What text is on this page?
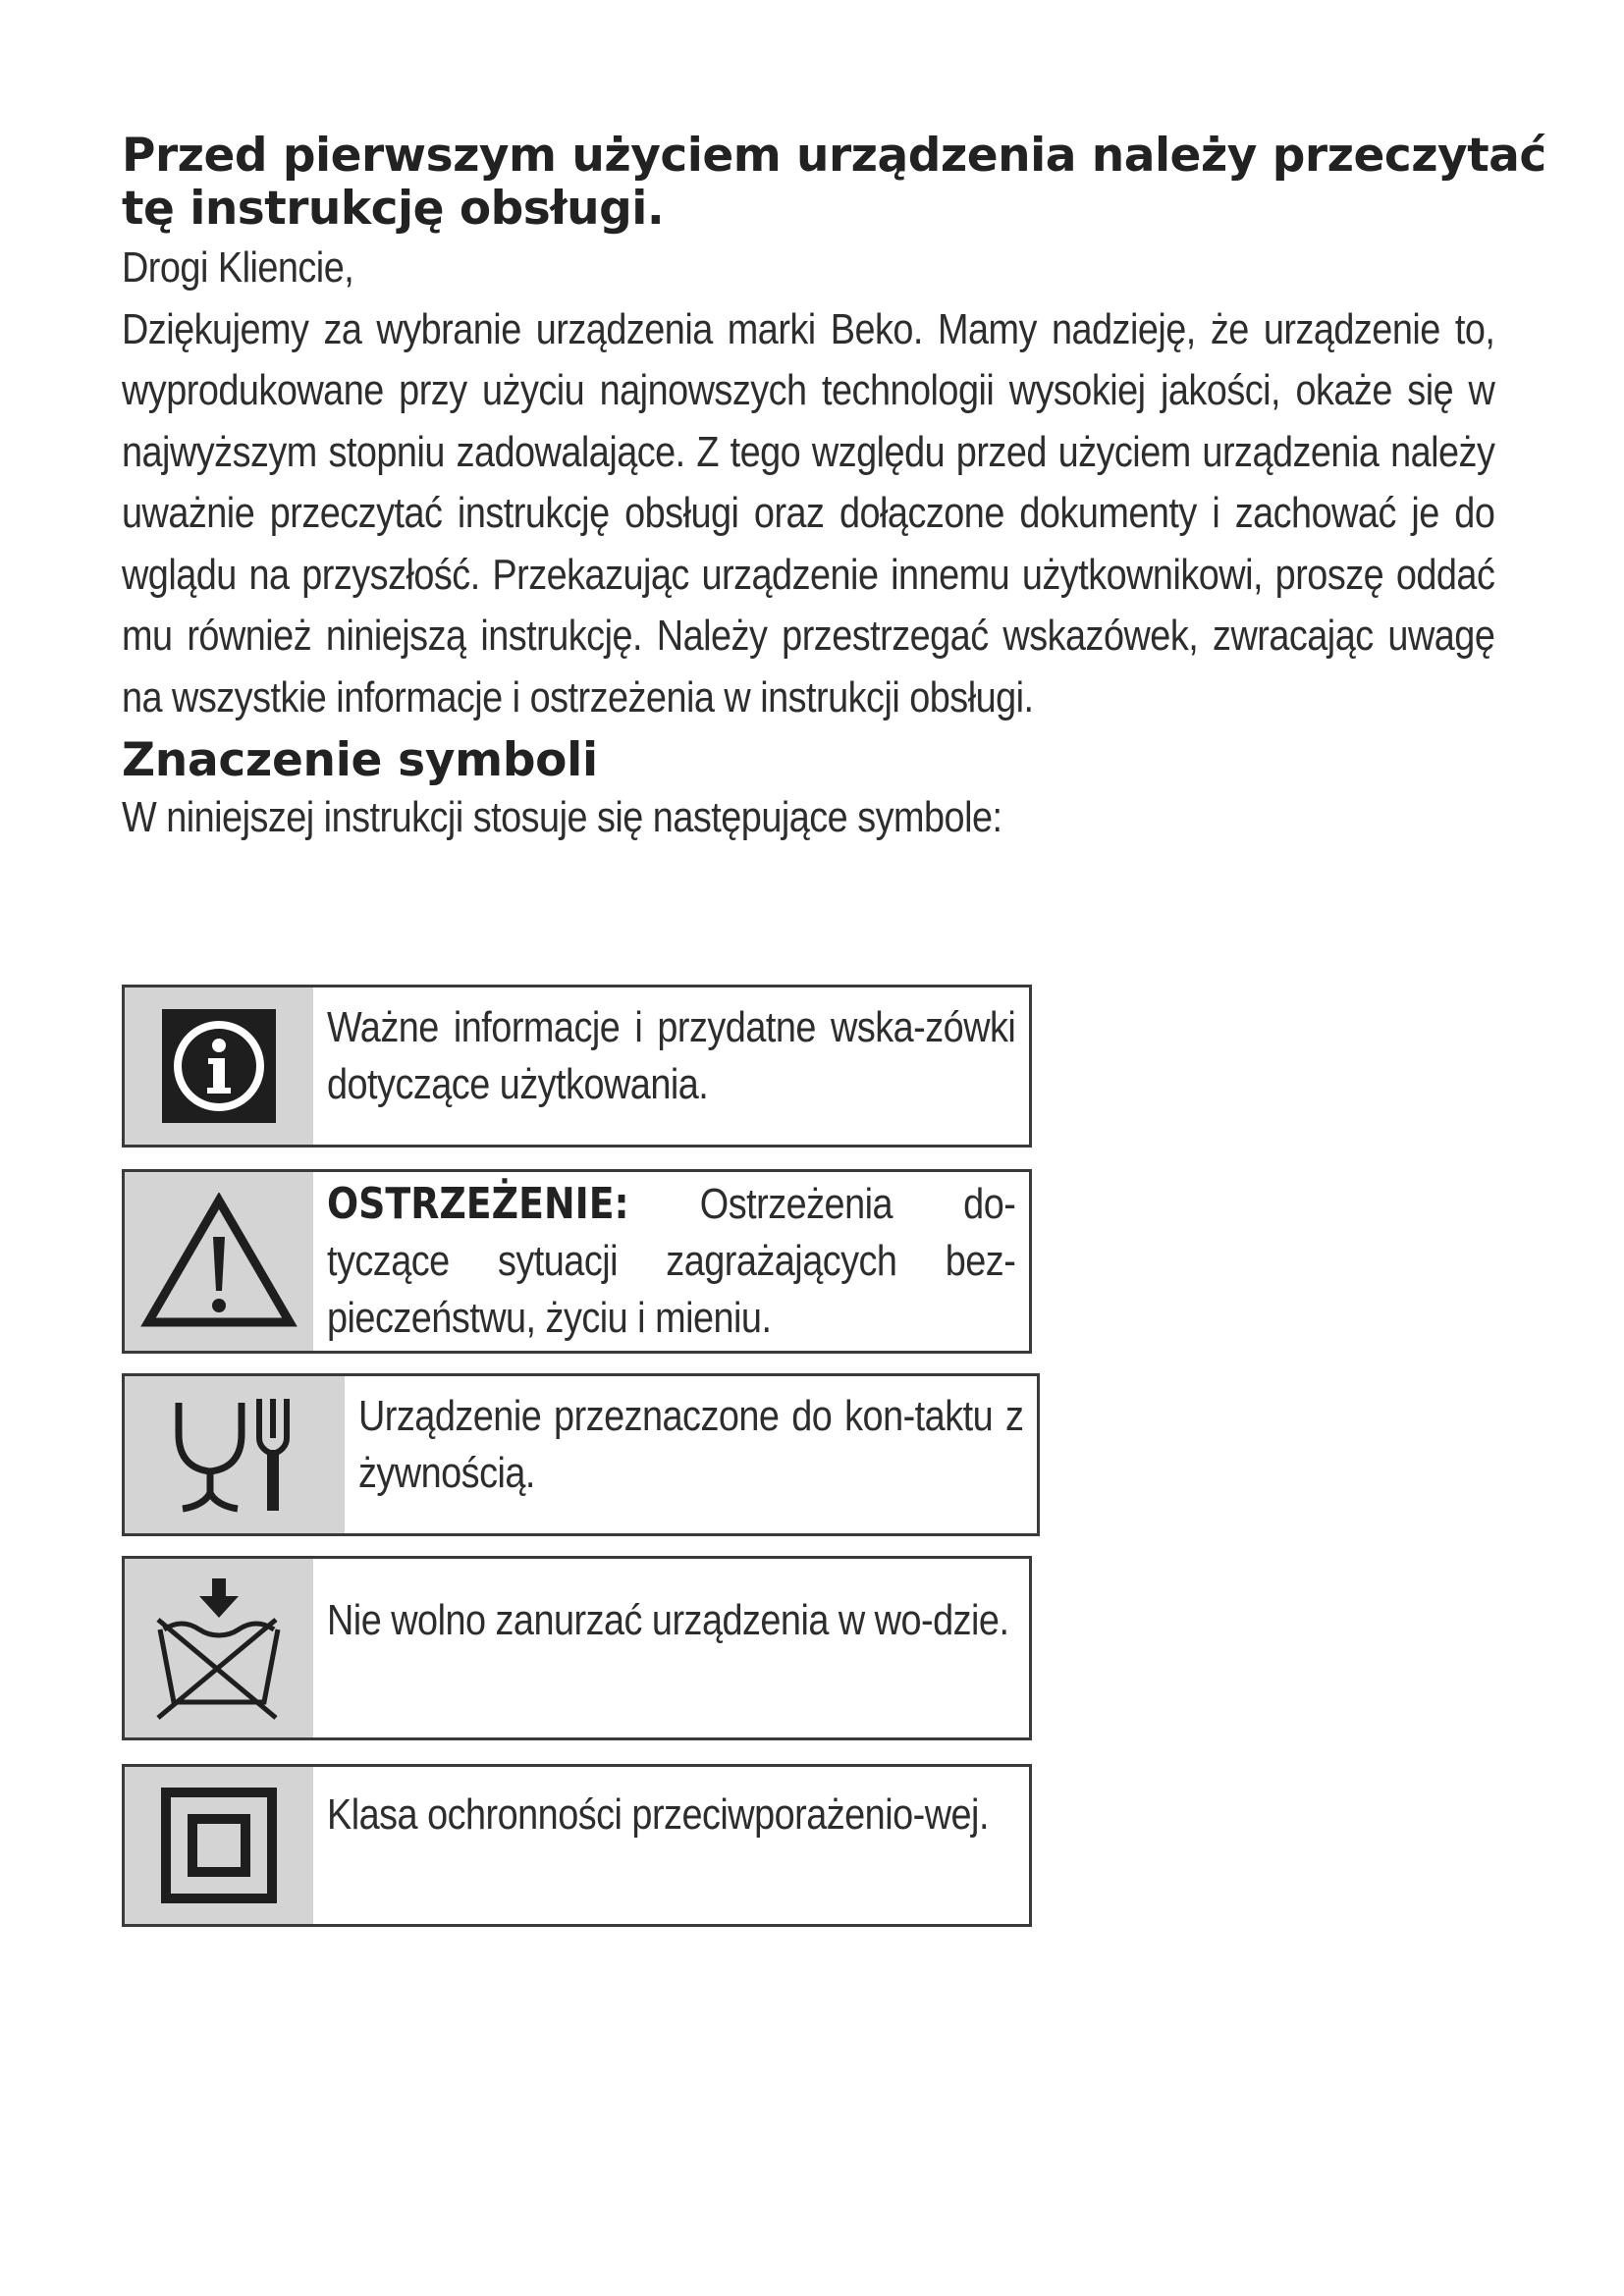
Przed pierwszym użyciem urządzenia należy przeczytać tę instrukcję obsługi.

Drogi Kliencie,

Dziękujemy za wybranie urządzenia marki Beko. Mamy nadzieję, że urządzenie to, wyprodukowane przy użyciu najnowszych technologii wysokiej jakości, okaże się w najwyższym stopniu zadowalające. Z tego względu przed użyciem urządzenia należy uważnie przeczytać instrukcję obsługi oraz dołączone dokumenty i zachować je do wglądu na przyszłość. Przekazując urządzenie innemu użytkownikowi, proszę oddać mu również niniejszą instrukcję. Należy przestrzegać wskazówek, zwracając uwagę na wszystkie informacje i ostrzeżenia w instrukcji obsługi.

Znaczenie symboli

W niniejszej instrukcji stosuje się następujące symbole:

Ważne informacje i przydatne wska-zówki dotyczące użytkowania.

OSTRZEŻENIE: Ostrzeżenia do-tyczące sytuacji zagrażających bez-pieczeństwu, życiu i mieniu.

Urządzenie przeznaczone do kon-taktu z żywnością.

Nie wolno zanurzać urządzenia w wo-dzie.

Klasa ochronności przeciwporażenio-wej.
